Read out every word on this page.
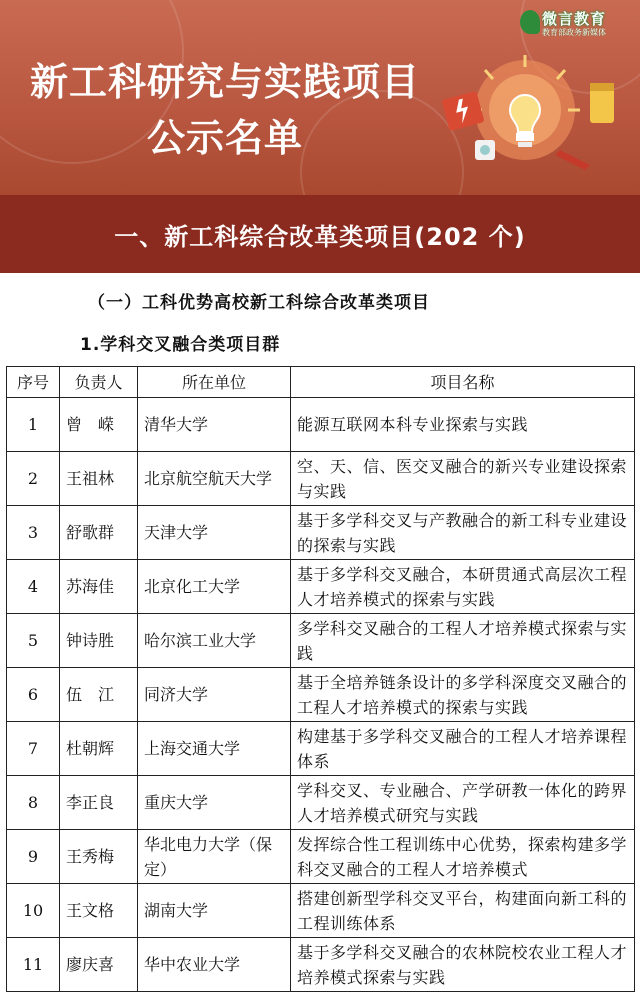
新工科研究与实践项目
公示名单
微言教育
教育部政务新媒体
一、新工科综合改革类项目(202 个)
（一）工科优势高校新工科综合改革类项目
1.学科交叉融合类项目群
序号	负责人	所在单位	项目名称
1	曾　嵘	清华大学	能源互联网本科专业探索与实践
2	王祖林	北京航空航天大学	空、天、信、医交叉融合的新兴专业建设探索与实践
3	舒歌群	天津大学	基于多学科交叉与产教融合的新工科专业建设的探索与实践
4	苏海佳	北京化工大学	基于多学科交叉融合，本研贯通式高层次工程人才培养模式的探索与实践
5	钟诗胜	哈尔滨工业大学	多学科交叉融合的工程人才培养模式探索与实践
6	伍　江	同济大学	基于全培养链条设计的多学科深度交叉融合的工程人才培养模式的探索与实践
7	杜朝辉	上海交通大学	构建基于多学科交叉融合的工程人才培养课程体系
8	李正良	重庆大学	学科交叉、专业融合、产学研教一体化的跨界人才培养模式研究与实践
9	王秀梅	华北电力大学（保定）	发挥综合性工程训练中心优势，探索构建多学科交叉融合的工程人才培养模式
10	王文格	湖南大学	搭建创新型学科交叉平台，构建面向新工科的工程训练体系
11	廖庆喜	华中农业大学	基于多学科交叉融合的农林院校农业工程人才培养模式探索与实践
